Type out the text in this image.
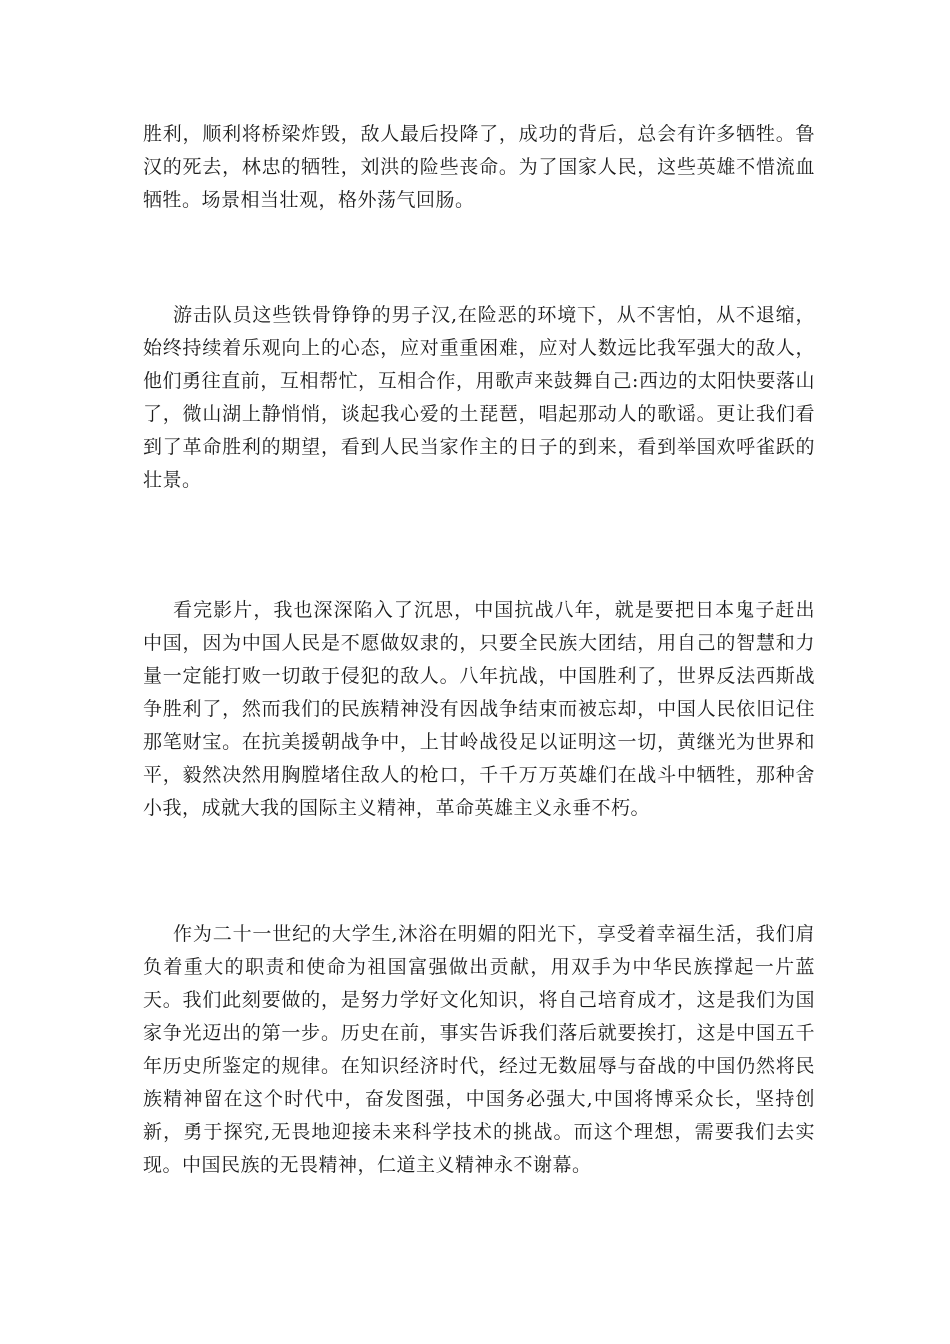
胜利，顺利将桥梁炸毁，敌人最后投降了，成功的背后，总会有许多牺牲。鲁汉的死去，林忠的牺牲，刘洪的险些丧命。为了国家人民，这些英雄不惜流血牺牲。场景相当壮观，格外荡气回肠。

游击队员这些铁骨铮铮的男子汉,在险恶的环境下，从不害怕，从不退缩，始终持续着乐观向上的心态，应对重重困难，应对人数远比我军强大的敌人，他们勇往直前，互相帮忙，互相合作，用歌声来鼓舞自己:西边的太阳快要落山了，微山湖上静悄悄，谈起我心爱的土琵琶，唱起那动人的歌谣。更让我们看到了革命胜利的期望，看到人民当家作主的日子的到来，看到举国欢呼雀跃的壮景。

看完影片，我也深深陷入了沉思，中国抗战八年，就是要把日本鬼子赶出中国，因为中国人民是不愿做奴隶的，只要全民族大团结，用自己的智慧和力量一定能打败一切敢于侵犯的敌人。八年抗战，中国胜利了，世界反法西斯战争胜利了，然而我们的民族精神没有因战争结束而被忘却，中国人民依旧记住那笔财宝。在抗美援朝战争中，上甘岭战役足以证明这一切，黄继光为世界和平，毅然决然用胸膛堵住敌人的枪口，千千万万英雄们在战斗中牺牲，那种舍小我，成就大我的国际主义精神，革命英雄主义永垂不朽。

作为二十一世纪的大学生,沐浴在明媚的阳光下，享受着幸福生活，我们肩负着重大的职责和使命为祖国富强做出贡献，用双手为中华民族撑起一片蓝天。我们此刻要做的，是努力学好文化知识，将自己培育成才，这是我们为国家争光迈出的第一步。历史在前，事实告诉我们落后就要挨打，这是中国五千年历史所鉴定的规律。在知识经济时代，经过无数屈辱与奋战的中国仍然将民族精神留在这个时代中，奋发图强，中国务必强大,中国将博采众长，坚持创新，勇于探究,无畏地迎接未来科学技术的挑战。而这个理想，需要我们去实现。中国民族的无畏精神，仁道主义精神永不谢幕。
